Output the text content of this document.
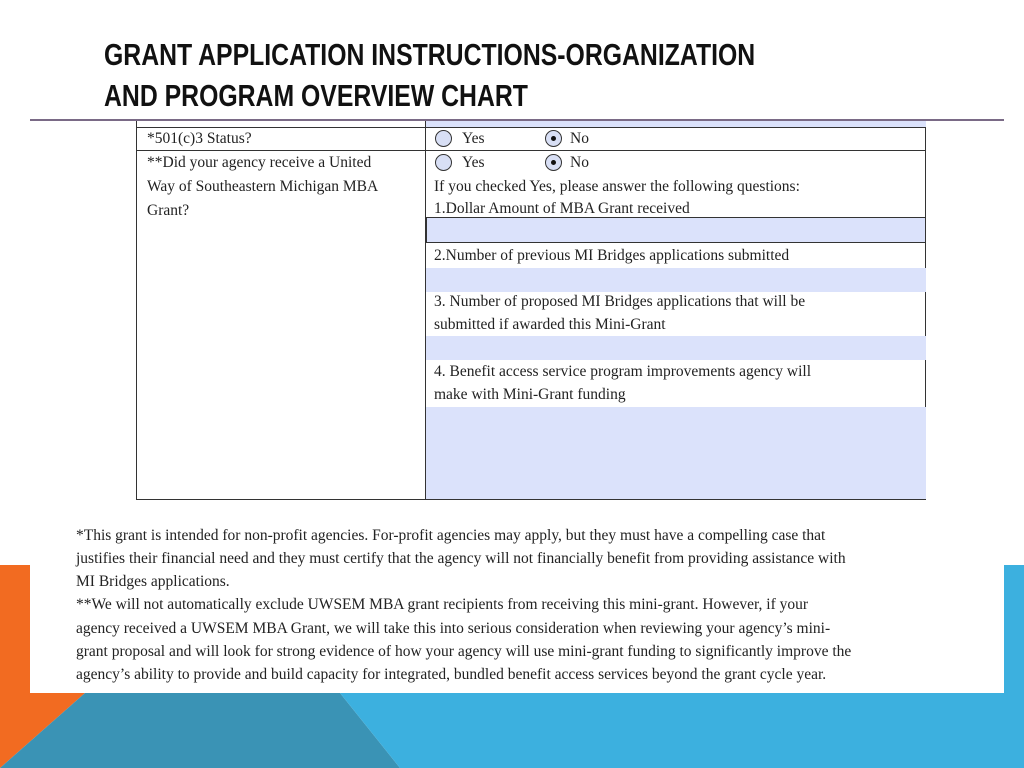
GRANT APPLICATION INSTRUCTIONS-ORGANIZATION
AND PROGRAM OVERVIEW CHART
*501(c)3 Status?	Yes	No
**Did your agency receive a United
Way of Southeastern Michigan MBA
Grant?
Yes	No
If you checked Yes, please answer the following questions:
1.Dollar Amount of MBA Grant received
2.Number of previous MI Bridges applications submitted
3. Number of proposed MI Bridges applications that will be
submitted if awarded this Mini-Grant
4. Benefit access service program improvements agency will
make with Mini-Grant funding
*This grant is intended for non-profit agencies. For-profit agencies may apply, but they must have a compelling case that
justifies their financial need and they must certify that the agency will not financially benefit from providing assistance with
MI Bridges applications.
**We will not automatically exclude UWSEM MBA grant recipients from receiving this mini-grant. However, if your
agency received a UWSEM MBA Grant, we will take this into serious consideration when reviewing your agency’s mini-
grant proposal and will look for strong evidence of how your agency will use mini-grant funding to significantly improve the
agency’s ability to provide and build capacity for integrated, bundled benefit access services beyond the grant cycle year.
